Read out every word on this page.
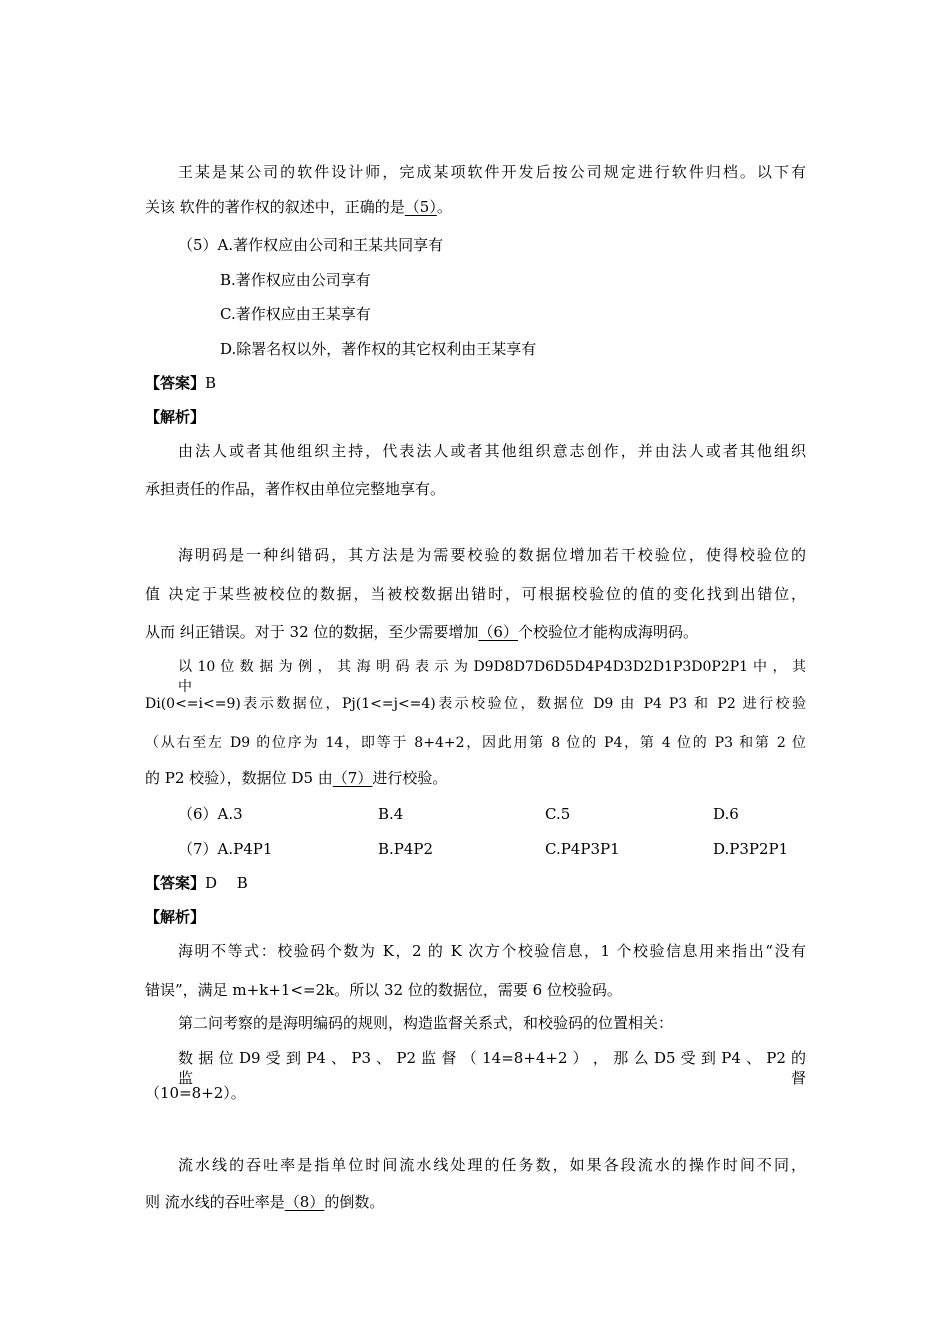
王某是某公司的软件设计师，完成某项软件开发后按公司规定进行软件归档。以下有
关该 软件的著作权的叙述中，正确的是（5）。
（5）A.著作权应由公司和王某共同享有
B.著作权应由公司享有
C.著作权应由王某享有
D.除署名权以外，著作权的其它权利由王某享有
【答案】B
【解析】
由法人或者其他组织主持，代表法人或者其他组织意志创作，并由法人或者其他组织
承担责任的作品，著作权由单位完整地享有。
海明码是一种纠错码，其方法是为需要校验的数据位增加若干校验位，使得校验位的
值 决定于某些被校位的数据，当被校数据出错时，可根据校验位的值的变化找到出错位，
从而 纠正错误。对于 32 位的数据，至少需要增加（6）个校验位才能构成海明码。
以 10 位 数 据 为 例 ， 其 海 明 码 表 示 为 D9D8D7D6D5D4P4D3D2D1P3D0P2P1 中 ， 其 中
Di(0<=i<=9)表示数据位，Pj(1<=j<=4)表示校验位，数据位 D9 由 P4 P3 和 P2 进行校验
（从右至左 D9 的位序为 14，即等于 8+4+2，因此用第 8 位的 P4，第 4 位的 P3 和第 2 位
的 P2 校验），数据位 D5 由（7）进行校验。
（6）A.3	B.4	C.5	D.6
（7）A.P4P1	B.P4P2	C.P4P3P1	D.P3P2P1
【答案】D　 B
【解析】
海明不等式：校验码个数为 K，2 的 K 次方个校验信息，1 个校验信息用来指出“没有
错误”，满足 m+k+1<=2k。所以 32 位的数据位，需要 6 位校验码。
第二问考察的是海明编码的规则，构造监督关系式，和校验码的位置相关：
数 据 位 D9 受 到 P4 、 P3 、 P2 监 督 （ 14=8+4+2 ） ， 那 么 D5 受 到 P4 、 P2 的 监 督
（10=8+2）。
流水线的吞吐率是指单位时间流水线处理的任务数，如果各段流水的操作时间不同，
则 流水线的吞吐率是（8）的倒数。
